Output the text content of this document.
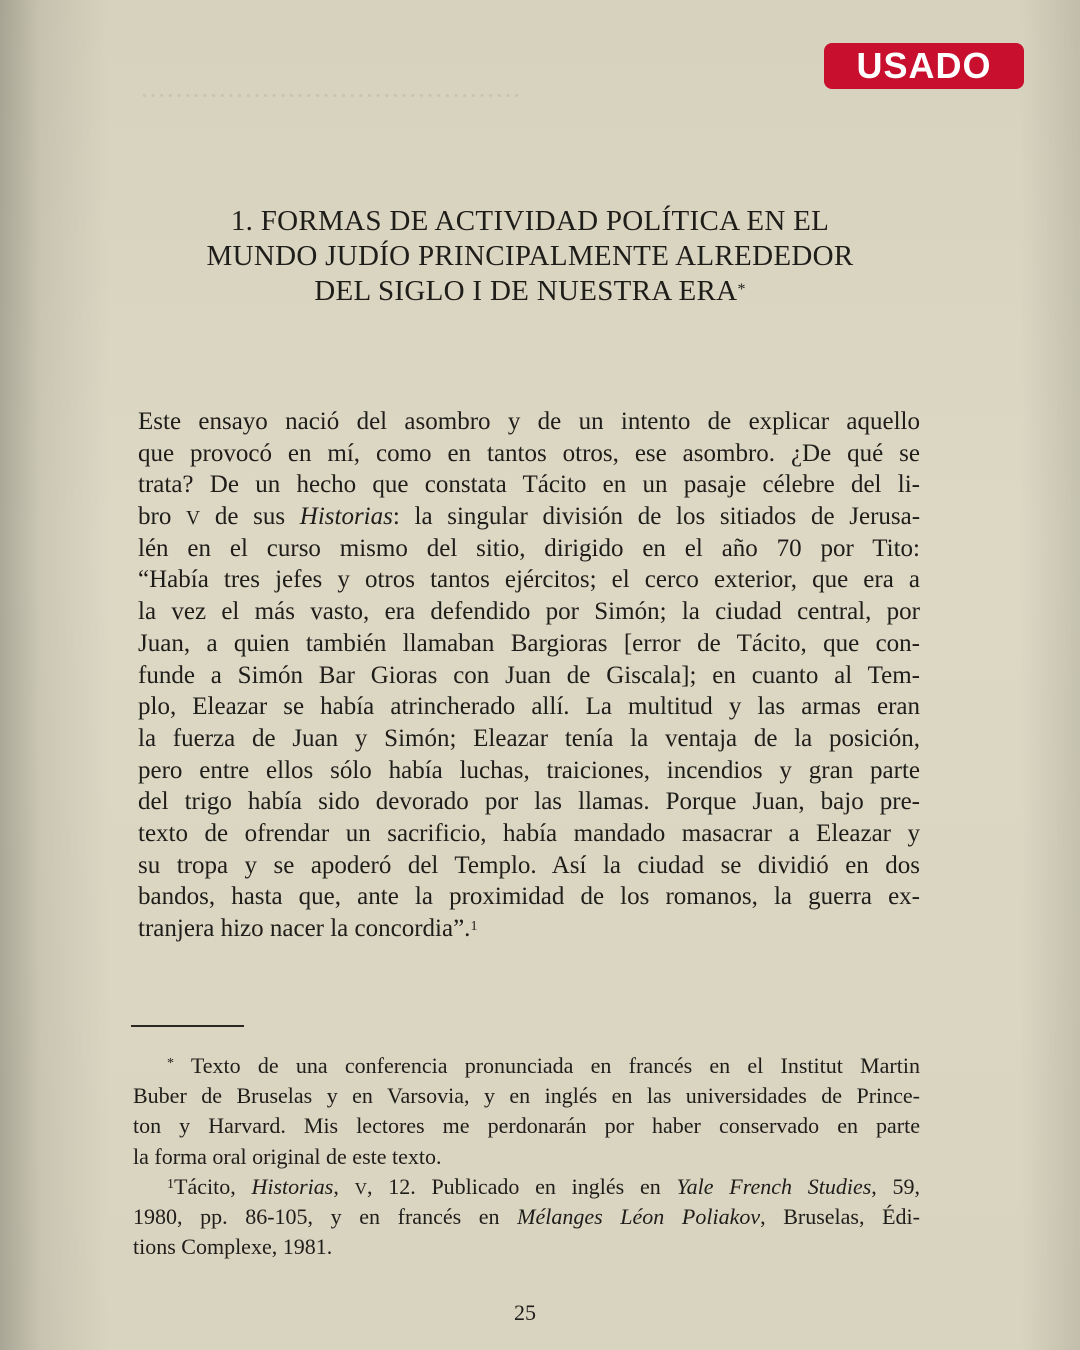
············································
USADO
1. FORMAS DE ACTIVIDAD POLÍTICA EN EL
MUNDO JUDÍO PRINCIPALMENTE ALREDEDOR
DEL SIGLO I DE NUESTRA ERA*
Este ensayo nació del asombro y de un intento de explicar aquello
que provocó en mí, como en tantos otros, ese asombro. ¿De qué se
trata? De un hecho que constata Tácito en un pasaje célebre del li-
bro V de sus Historias: la singular división de los sitiados de Jerusa-
lén en el curso mismo del sitio, dirigido en el año 70 por Tito:
“Había tres jefes y otros tantos ejércitos; el cerco exterior, que era a
la vez el más vasto, era defendido por Simón; la ciudad central, por
Juan, a quien también llamaban Bargioras [error de Tácito, que con-
funde a Simón Bar Gioras con Juan de Giscala]; en cuanto al Tem-
plo, Eleazar se había atrincherado allí. La multitud y las armas eran
la fuerza de Juan y Simón; Eleazar tenía la ventaja de la posición,
pero entre ellos sólo había luchas, traiciones, incendios y gran parte
del trigo había sido devorado por las llamas. Porque Juan, bajo pre-
texto de ofrendar un sacrificio, había mandado masacrar a Eleazar y
su tropa y se apoderó del Templo. Así la ciudad se dividió en dos
bandos, hasta que, ante la proximidad de los romanos, la guerra ex-
tranjera hizo nacer la concordia”.$^1$
* Texto de una conferencia pronunciada en francés en el Institut Martin
Buber de Bruselas y en Varsovia, y en inglés en las universidades de Prince-
ton y Harvard. Mis lectores me perdonarán por haber conservado en parte
la forma oral original de este texto.
$^1$Tácito, Historias, V, 12. Publicado en inglés en Yale French Studies, 59,
1980, pp. 86-105, y en francés en Mélanges Léon Poliakov, Bruselas, Édi-
tions Complexe, 1981.
25
